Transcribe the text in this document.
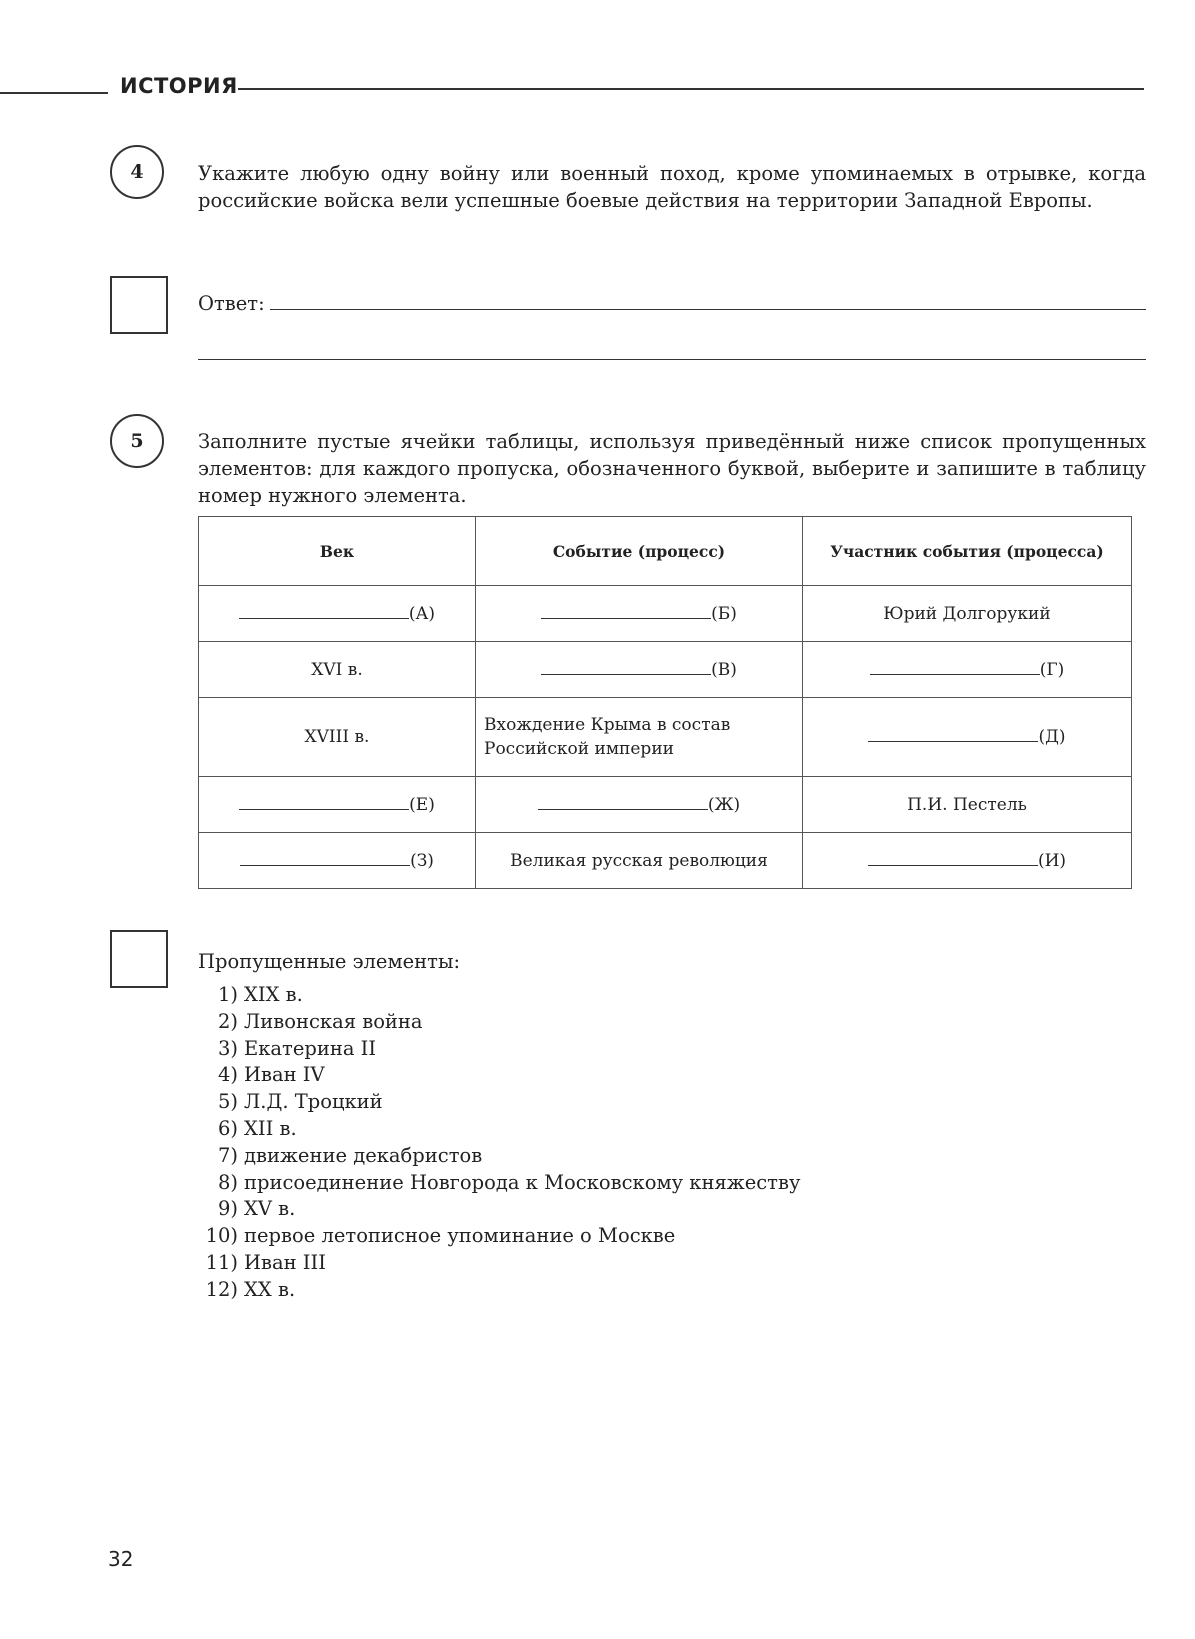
ИСТОРИЯ
4	Укажите любую одну войну или военный поход, кроме упоминаемых в отрывке, когда российские войска вели успешные боевые действия на территории Западной Европы.
Ответ:
5	Заполните пустые ячейки таблицы, используя приведённый ниже список пропущенных элементов: для каждого пропуска, обозначенного буквой, выберите и запишите в таблицу номер нужного элемента.
Век	Событие (процесс)	Участник события (процесса)

(А)	(Б)	Юрий Долгорукий
XVI в.	(В)	(Г)

XVIII в.	Вхождение Крыма в состав Российской империи	(Д)

(Е)	(Ж)	П.И. Пестель

(З)	Великая русская революция	(И)
Пропущенные элементы:
1) XIX в.
2) Ливонская война
3) Екатерина II
4) Иван IV
5) Л.Д. Троцкий
6) XII в.
7) движение декабристов
8) присоединение Новгорода к Московскому княжеству
9) XV в.
10) первое летописное упоминание о Москве
11) Иван III
12) XX в.
32
